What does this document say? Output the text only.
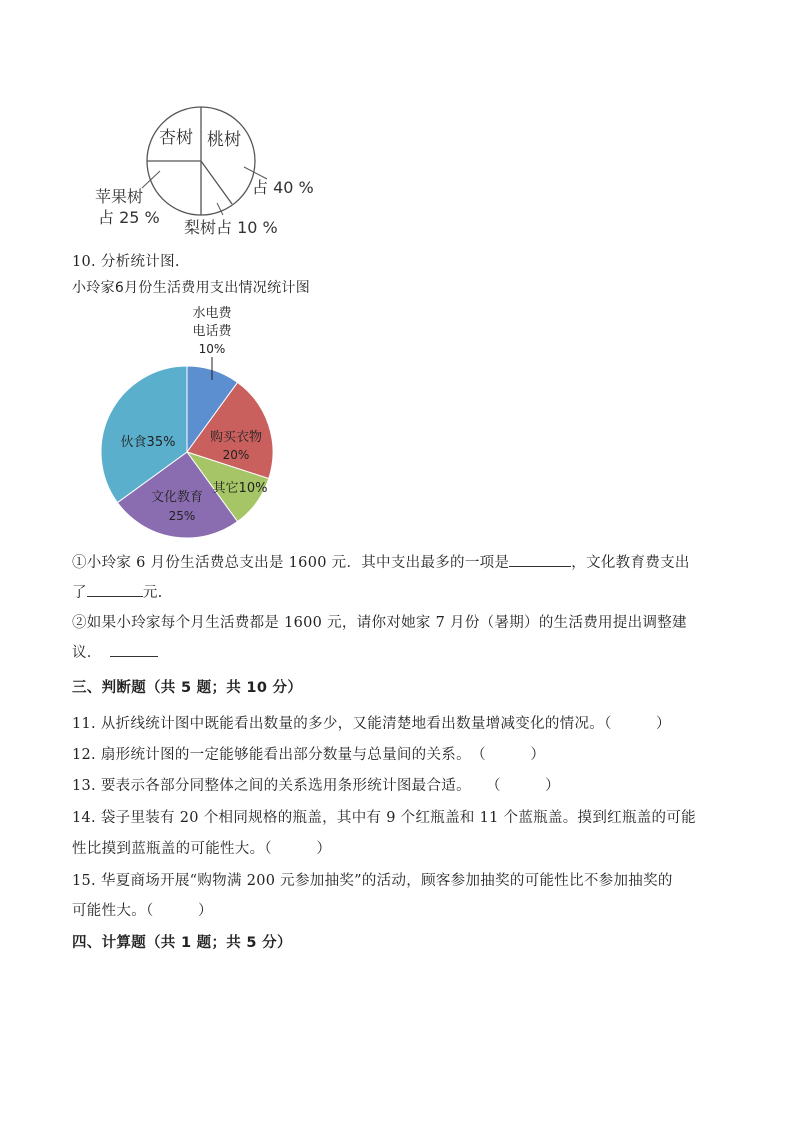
杏树 桃树
占 40 %
苹果树
占 25 %
梨树占 10 %
10. 分析统计图.
小玲家6月份生活费用支出情况统计图
水电费
电话费
10%
购买衣物
20%
其它10%
文化教育
25%
伙食35%
①小玲家 6 月份生活费总支出是 1600 元．其中支出最多的一项是	，文化教育费支出
了	元.
②如果小玲家每个月生活费都是 1600 元，请你对她家 7 月份（暑期）的生活费用提出调整建
议．
三、判断题（共 5 题；共 10 分）
11. 从折线统计图中既能看出数量的多少，又能清楚地看出数量增减变化的情况。（　　　）
12. 扇形统计图的一定能够能看出部分数量与总量间的关系。　（　　　）
13. 要表示各部分同整体之间的关系选用条形统计图最合适。　　（　　　）
14. 袋子里装有 20 个相同规格的瓶盖，其中有 9 个红瓶盖和 11 个蓝瓶盖。摸到红瓶盖的可能
性比摸到蓝瓶盖的可能性大。（　　　）
15. 华夏商场开展“购物满 200 元参加抽奖”的活动，顾客参加抽奖的可能性比不参加抽奖的
可能性大。（　　　）
四、计算题（共 1 题；共 5 分）
